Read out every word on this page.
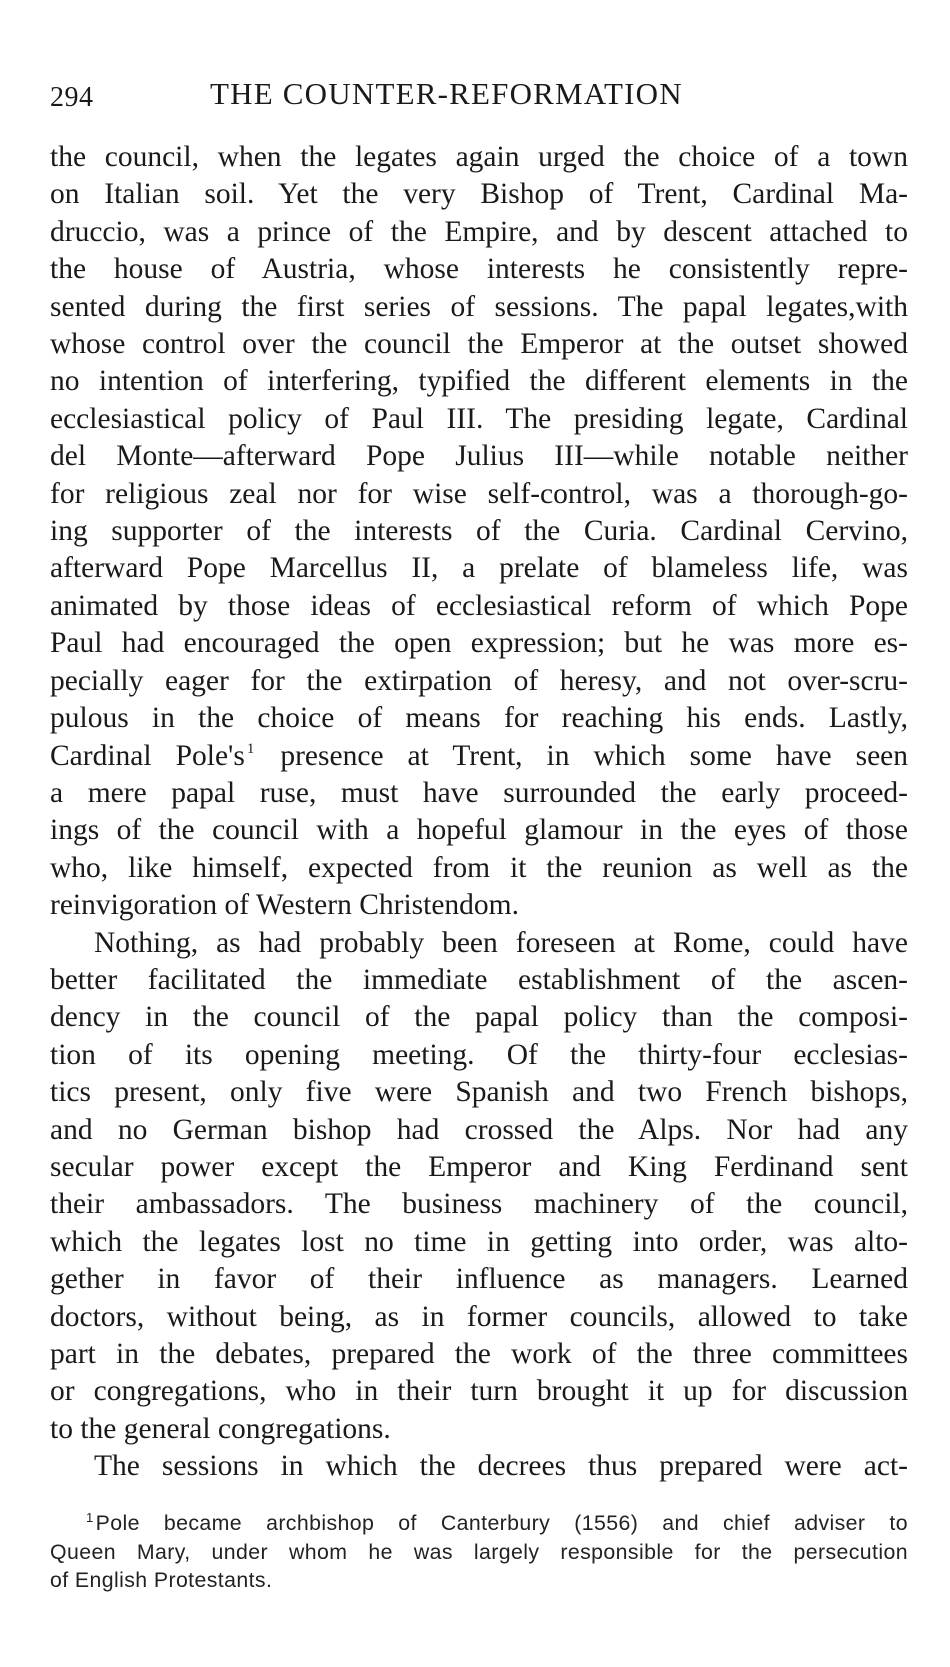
294	THE COUNTER-REFORMATION
the council, when the legates again urged the choice of a town
on Italian soil. Yet the very Bishop of Trent, Cardinal Ma-
druccio, was a prince of the Empire, and by descent attached to
the house of Austria, whose interests he consistently repre-
sented during the first series of sessions. The papal legates,with
whose control over the council the Emperor at the outset showed
no intention of interfering, typified the different elements in the
ecclesiastical policy of Paul III. The presiding legate, Cardinal
del Monte—afterward Pope Julius III—while notable neither
for religious zeal nor for wise self-control, was a thorough-go-
ing supporter of the interests of the Curia. Cardinal Cervino,
afterward Pope Marcellus II, a prelate of blameless life, was
animated by those ideas of ecclesiastical reform of which Pope
Paul had encouraged the open expression; but he was more es-
pecially eager for the extirpation of heresy, and not over-scru-
pulous in the choice of means for reaching his ends. Lastly,
Cardinal Pole's $^1$ presence at Trent, in which some have seen
a mere papal ruse, must have surrounded the early proceed-
ings of the council with a hopeful glamour in the eyes of those
who, like himself, expected from it the reunion as well as the
reinvigoration of Western Christendom.
Nothing, as had probably been foreseen at Rome, could have
better facilitated the immediate establishment of the ascen-
dency in the council of the papal policy than the composi-
tion of its opening meeting. Of the thirty-four ecclesias-
tics present, only five were Spanish and two French bishops,
and no German bishop had crossed the Alps. Nor had any
secular power except the Emperor and King Ferdinand sent
their ambassadors. The business machinery of the council,
which the legates lost no time in getting into order, was alto-
gether in favor of their influence as managers. Learned
doctors, without being, as in former councils, allowed to take
part in the debates, prepared the work of the three committees
or congregations, who in their turn brought it up for discussion
to the general congregations.
The sessions in which the decrees thus prepared were act-
$^1$Pole became archbishop of Canterbury (1556) and chief adviser to
Queen Mary, under whom he was largely responsible for the persecution
of English Protestants.
